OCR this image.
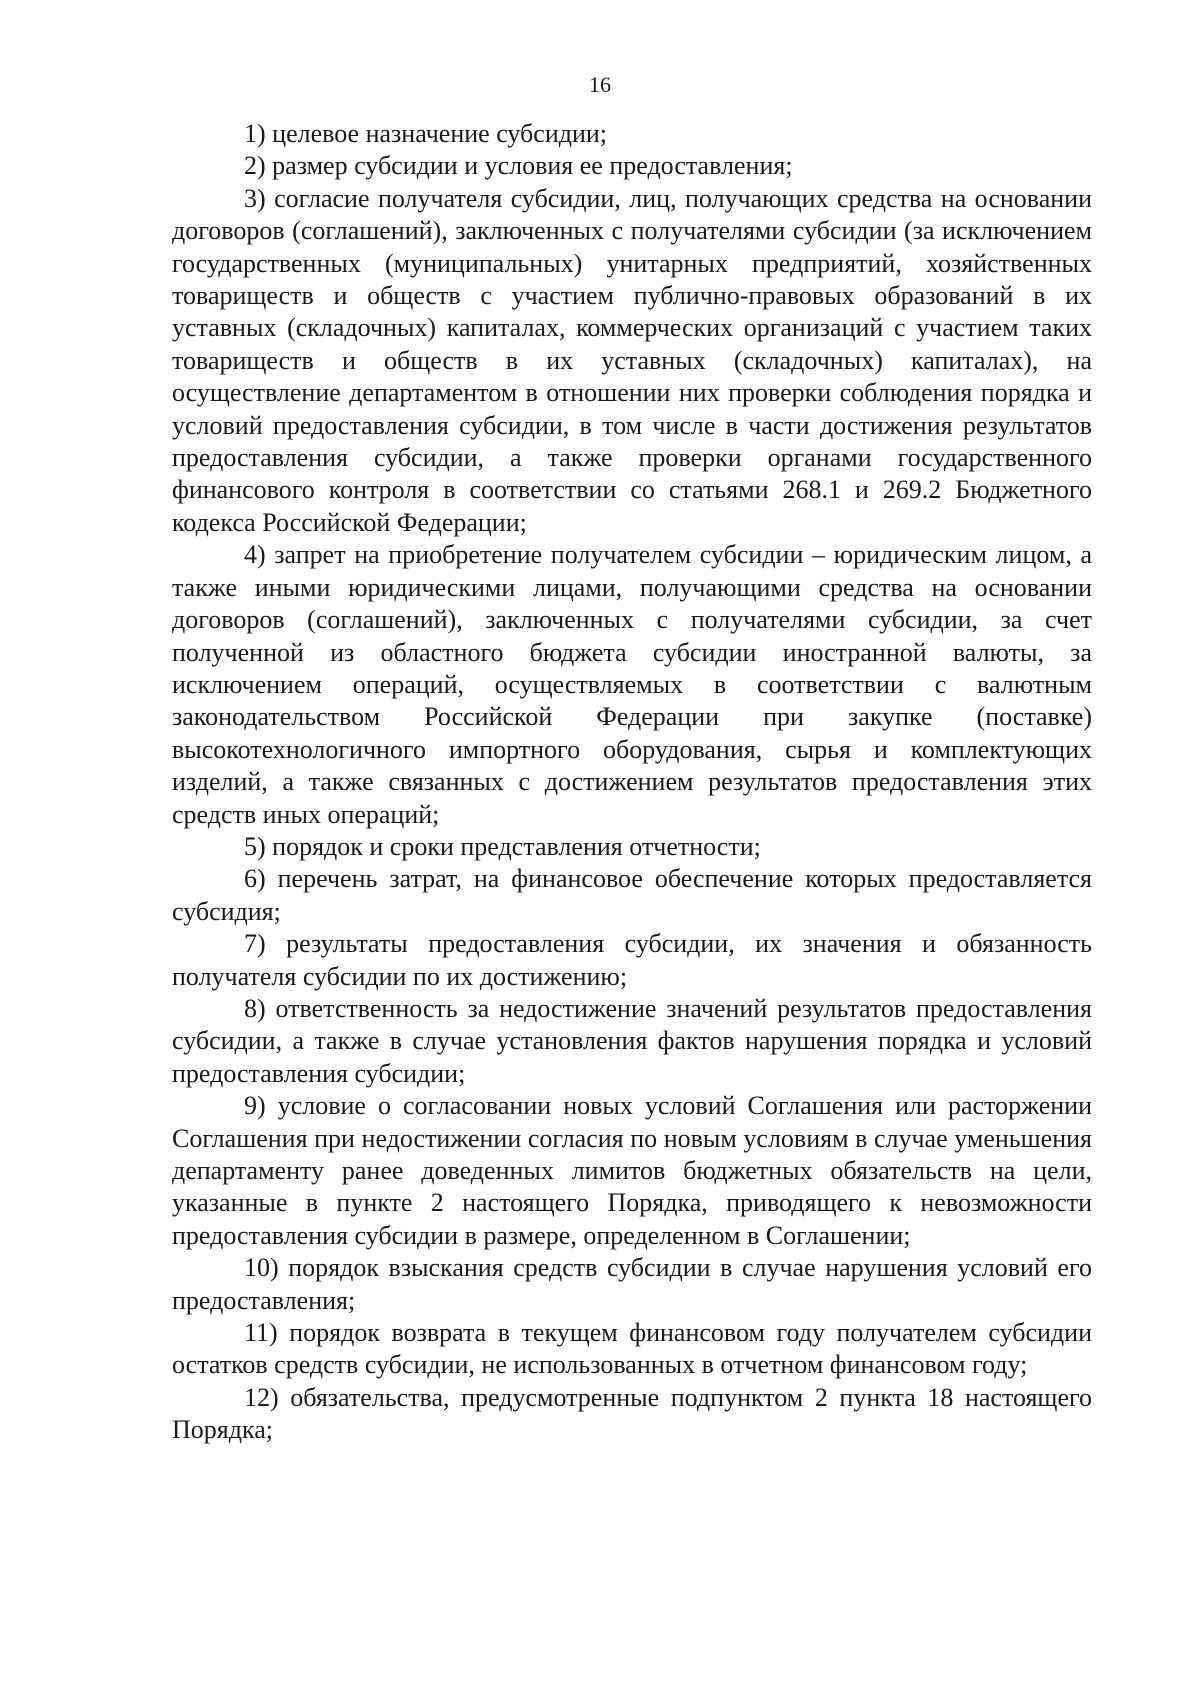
16

1) целевое назначение субсидии;

2) размер субсидии и условия ее предоставления;

3) согласие получателя субсидии, лиц, получающих средства на основании договоров (соглашений), заключенных с получателями субсидии (за исключением государственных (муниципальных) унитарных предприятий, хозяйственных товариществ и обществ с участием публично-правовых образований в их уставных (складочных) капиталах, коммерческих организаций с участием таких товариществ и обществ в их уставных (складочных) капиталах), на осуществление департаментом в отношении них проверки соблюдения порядка и условий предоставления субсидии, в том числе в части достижения результатов предоставления субсидии, а также проверки органами государственного финансового контроля в соответствии со статьями 268.1 и 269.2 Бюджетного кодекса Российской Федерации;

4) запрет на приобретение получателем субсидии – юридическим лицом, а также иными юридическими лицами, получающими средства на основании договоров (соглашений), заключенных с получателями субсидии, за счет полученной из областного бюджета субсидии иностранной валюты, за исключением операций, осуществляемых в соответствии с валютным законодательством Российской Федерации при закупке (поставке) высокотехнологичного импортного оборудования, сырья и комплектующих изделий, а также связанных с достижением результатов предоставления этих средств иных операций;

5) порядок и сроки представления отчетности;

6) перечень затрат, на финансовое обеспечение которых предоставляется субсидия;

7) результаты предоставления субсидии, их значения и обязанность получателя субсидии по их достижению;

8) ответственность за недостижение значений результатов предоставления субсидии, а также в случае установления фактов нарушения порядка и условий предоставления субсидии;

9) условие о согласовании новых условий Соглашения или расторжении Соглашения при недостижении согласия по новым условиям в случае уменьшения департаменту ранее доведенных лимитов бюджетных обязательств на цели, указанные в пункте 2 настоящего Порядка, приводящего к невозможности предоставления субсидии в размере, определенном в Соглашении;

10) порядок взыскания средств субсидии в случае нарушения условий его предоставления;

11) порядок возврата в текущем финансовом году получателем субсидии остатков средств субсидии, не использованных в отчетном финансовом году;

12) обязательства, предусмотренные подпунктом 2 пункта 18 настоящего Порядка;
